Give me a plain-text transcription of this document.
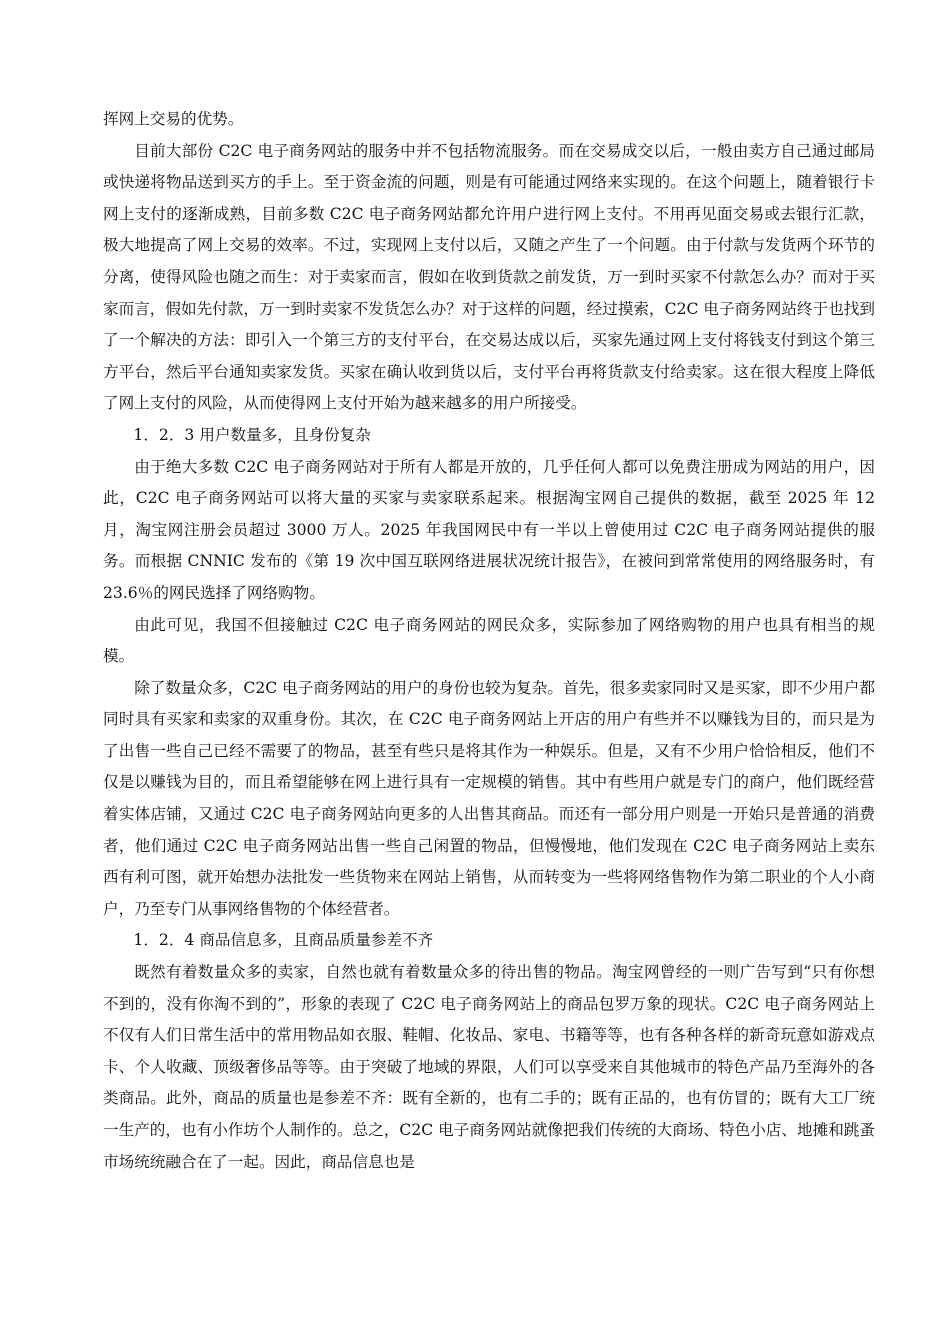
挥网上交易的优势。

目前大部份 C2C 电子商务网站的服务中并不包括物流服务。而在交易成交以后，一般由卖方自己通过邮局或快递将物品送到买方的手上。至于资金流的问题，则是有可能通过网络来实现的。在这个问题上，随着银行卡网上支付的逐渐成熟，目前多数 C2C 电子商务网站都允许用户进行网上支付。不用再见面交易或去银行汇款，极大地提高了网上交易的效率。不过，实现网上支付以后，又随之产生了一个问题。由于付款与发货两个环节的分离，使得风险也随之而生：对于卖家而言，假如在收到货款之前发货，万一到时买家不付款怎么办？而对于买家而言，假如先付款，万一到时卖家不发货怎么办？对于这样的问题，经过摸索，C2C 电子商务网站终于也找到了一个解决的方法：即引入一个第三方的支付平台，在交易达成以后，买家先通过网上支付将钱支付到这个第三方平台，然后平台通知卖家发货。买家在确认收到货以后，支付平台再将货款支付给卖家。这在很大程度上降低了网上支付的风险，从而使得网上支付开始为越来越多的用户所接受。

1．2．3 用户数量多，且身份复杂

由于绝大多数 C2C 电子商务网站对于所有人都是开放的，几乎任何人都可以免费注册成为网站的用户，因此，C2C 电子商务网站可以将大量的买家与卖家联系起来。根据淘宝网自己提供的数据，截至 2025 年 12 月，淘宝网注册会员超过 3000 万人。2025 年我国网民中有一半以上曾使用过 C2C 电子商务网站提供的服务。而根据 CNNIC 发布的《第 19 次中国互联网络进展状况统计报告》，在被问到常常使用的网络服务时，有 23.6％的网民选择了网络购物。

由此可见，我国不但接触过 C2C 电子商务网站的网民众多，实际参加了网络购物的用户也具有相当的规模。

除了数量众多，C2C 电子商务网站的用户的身份也较为复杂。首先，很多卖家同时又是买家，即不少用户都同时具有买家和卖家的双重身份。其次，在 C2C 电子商务网站上开店的用户有些并不以赚钱为目的，而只是为了出售一些自己已经不需要了的物品，甚至有些只是将其作为一种娱乐。但是，又有不少用户恰恰相反，他们不仅是以赚钱为目的，而且希望能够在网上进行具有一定规模的销售。其中有些用户就是专门的商户，他们既经营着实体店铺，又通过 C2C 电子商务网站向更多的人出售其商品。而还有一部分用户则是一开始只是普通的消费者，他们通过 C2C 电子商务网站出售一些自己闲置的物品，但慢慢地，他们发现在 C2C 电子商务网站上卖东西有利可图，就开始想办法批发一些货物来在网站上销售，从而转变为一些将网络售物作为第二职业的个人小商户，乃至专门从事网络售物的个体经营者。

1．2．4 商品信息多，且商品质量参差不齐

既然有着数量众多的卖家，自然也就有着数量众多的待出售的物品。淘宝网曾经的一则广告写到“只有你想不到的，没有你淘不到的”，形象的表现了 C2C 电子商务网站上的商品包罗万象的现状。C2C 电子商务网站上不仅有人们日常生活中的常用物品如衣服、鞋帽、化妆品、家电、书籍等等，也有各种各样的新奇玩意如游戏点卡、个人收藏、顶级奢侈品等等。由于突破了地域的界限，人们可以享受来自其他城市的特色产品乃至海外的各类商品。此外，商品的质量也是参差不齐：既有全新的，也有二手的；既有正品的，也有仿冒的；既有大工厂统一生产的，也有小作坊个人制作的。总之，C2C 电子商务网站就像把我们传统的大商场、特色小店、地摊和跳蚤市场统统融合在了一起。因此，商品信息也是
